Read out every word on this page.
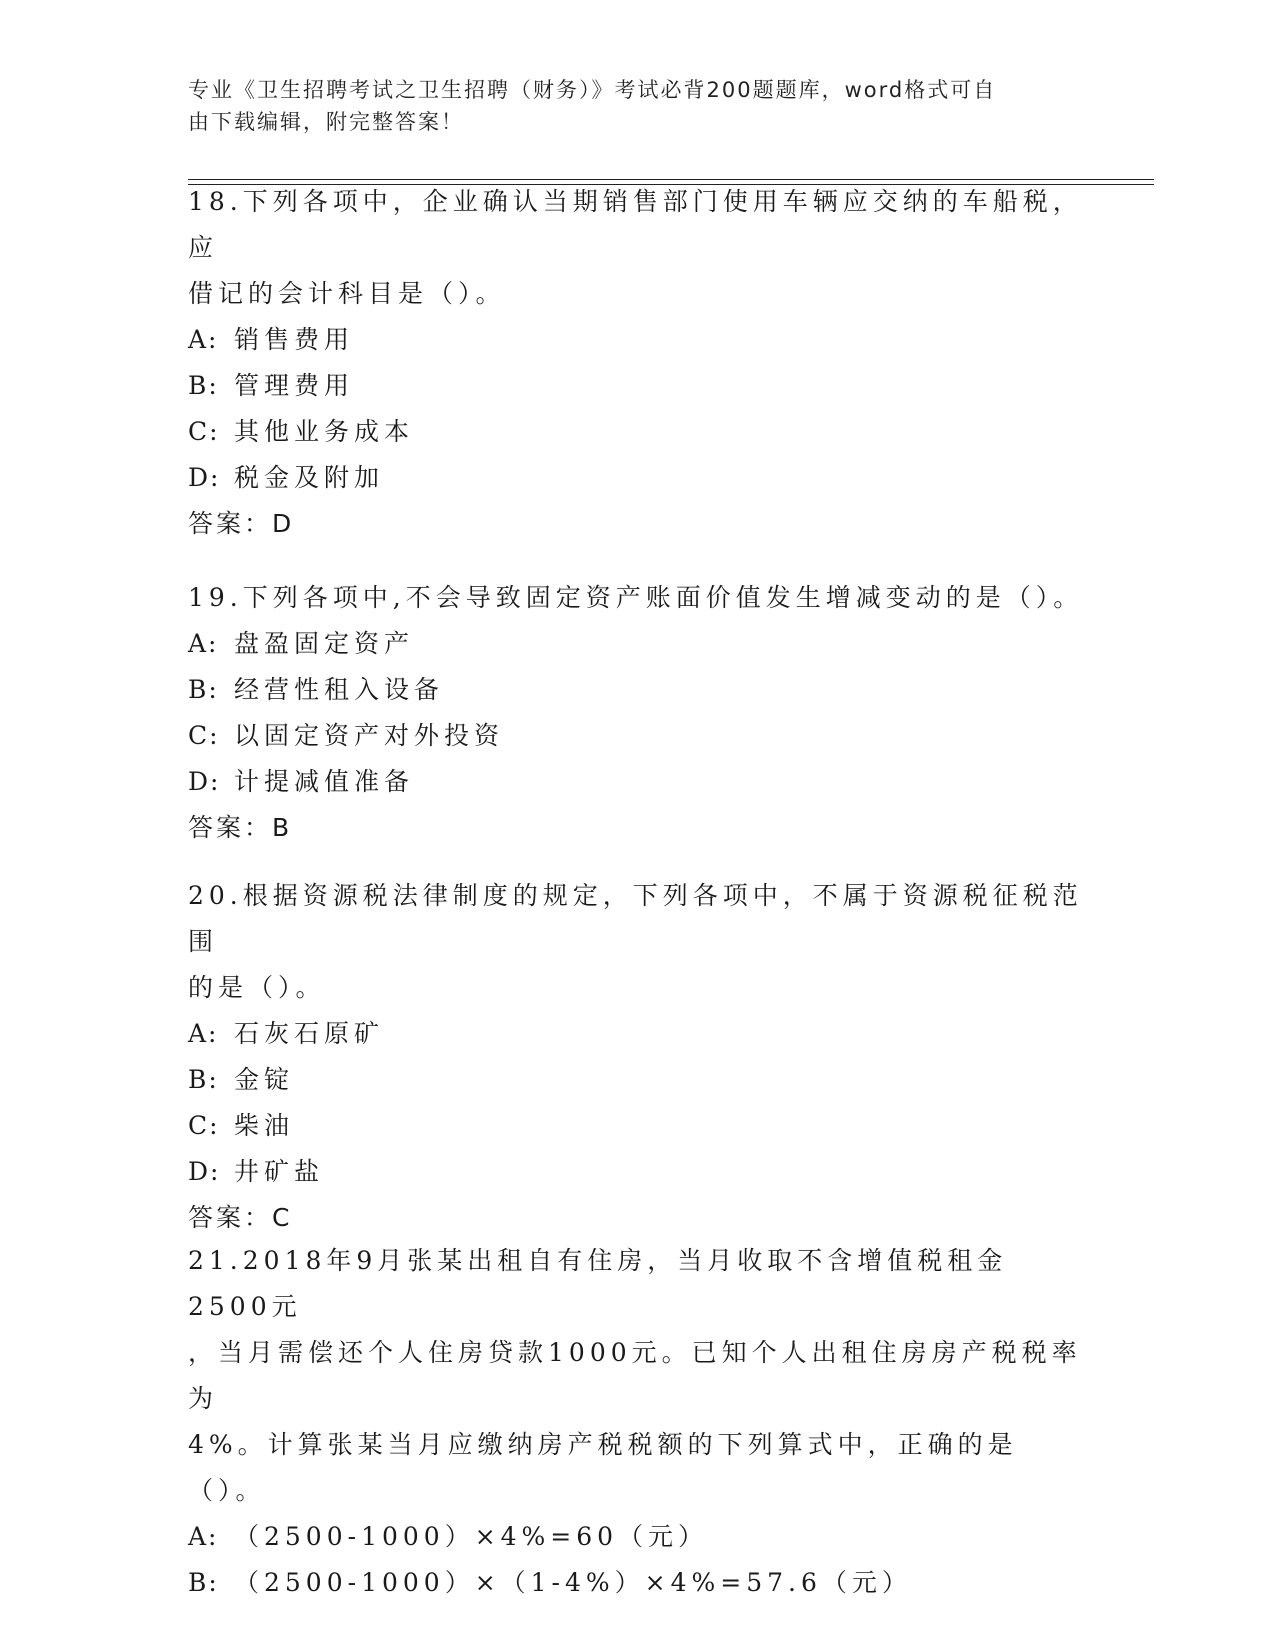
专业《卫生招聘考试之卫生招聘（财务）》考试必背200题题库，word格式可自
由下载编辑，附完整答案！
18.下列各项中，企业确认当期销售部门使用车辆应交纳的车船税，应
借记的会计科目是（）。
A: 销售费用
B: 管理费用
C: 其他业务成本
D: 税金及附加
答案：D
19.下列各项中,不会导致固定资产账面价值发生增减变动的是（）。
A: 盘盈固定资产
B: 经营性租入设备
C: 以固定资产对外投资
D: 计提减值准备
答案：B
20.根据资源税法律制度的规定，下列各项中，不属于资源税征税范围
的是（）。
A: 石灰石原矿
B: 金锭
C: 柴油
D: 井矿盐
答案：C
21.2018年9月张某出租自有住房，当月收取不含增值税租金2500元
，当月需偿还个人住房贷款1000元。已知个人出租住房房产税税率为
4%。计算张某当月应缴纳房产税税额的下列算式中，正确的是（）。
A: （2500-1000）×4%=60（元）
B: （2500-1000）×（1-4%）×4%=57.6（元）
